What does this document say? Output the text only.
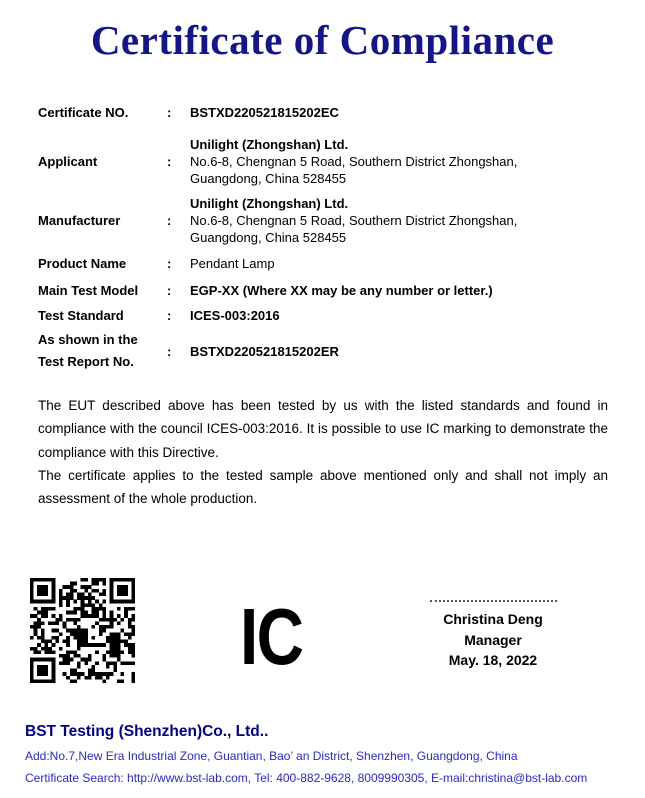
Certificate of Compliance
Certificate NO.	:	BSTXD220521815202EC
Applicant	:
Unilight (Zhongshan) Ltd.
No.6-8, Chengnan 5 Road, Southern District Zhongshan,
Guangdong, China 528455
Manufacturer	:
Unilight (Zhongshan) Ltd.
No.6-8, Chengnan 5 Road, Southern District Zhongshan,
Guangdong, China 528455
Product Name	:	Pendant Lamp
Main Test Model	:	EGP-XX (Where XX may be any number or letter.)
Test Standard	:	ICES-003:2016
As shown in the
Test Report No.
:	BSTXD220521815202ER

The EUT described above has been tested by us with the listed standards and found in compliance with the council ICES-003:2016. It is possible to use IC marking to demonstrate the compliance with this Directive.

The certificate applies to the tested sample above mentioned only and shall not imply an assessment of the whole production.

IC	Christina Deng
Manager
May. 18, 2022
BST Testing (Shenzhen)Co., Ltd..
Add:No.7,New Era Industrial Zone, Guantian, Bao’ an District, Shenzhen, Guangdong, China
Certificate Search: http://www.bst-lab.com, Tel: 400-882-9628, 8009990305, E-mail:christina@bst-lab.com
